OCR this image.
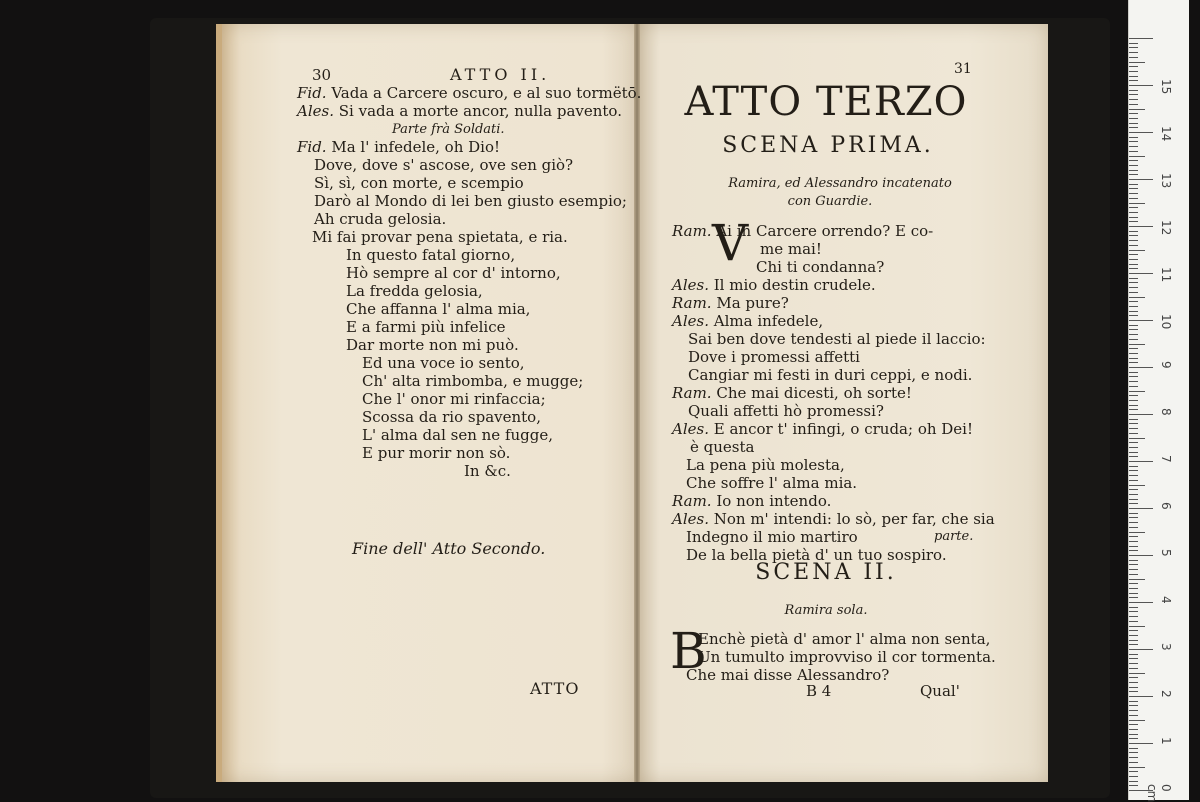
30	ATTO II.
Fid. Vada a Carcere oscuro, e al suo tormëtō.
Ales. Si vada a morte ancor, nulla pavento.
Parte frà Soldati.
Fid. Ma l' infedele, oh Dio!
Dove, dove s' ascose, ove sen giò?
Sì, sì, con morte, e scempio
Darò al Mondo di lei ben giusto esempio;
Ah cruda gelosia.
Mi fai provar pena spietata, e ria.
In questo fatal giorno,
Hò sempre al cor d' intorno,
La fredda gelosia,
Che affanna l' alma mia,
E a farmi più infelice
Dar morte non mi può.
Ed una voce io sento,
Ch' alta rimbomba, e mugge;
Che l' onor mi rinfaccia;
Scossa da rio spavento,
L' alma dal sen ne fugge,
E pur morir non sò.
In &c.
Fine dell' Atto Secondo.
ATTO
31
ATTO TERZO
SCENA PRIMA.
Ramira, ed Alessandro incatenato
con Guardie.
V
Ram. Ai in Carcere orrendo? E co-
me mai!
Chi ti condanna?
Ales. Il mio destin crudele.
Ram. Ma pure?
Ales. Alma infedele,
Sai ben dove tendesti al piede il laccio:
Dove i promessi affetti
Cangiar mi festi in duri ceppi, e nodi.
Ram. Che mai dicesti, oh sorte!
Quali affetti hò promessi?
Ales. E ancor t' infingi, o cruda; oh Dei!
è questa
La pena più molesta,
Che soffre l' alma mia.
Ram. Io non intendo.
Ales. Non m' intendi: lo sò, per far, che sia
Indegno il mio martiro
De la bella pietà d' un tuo sospiro.
parte.
SCENA II.
Ramira sola.
B
Enchè pietà d' amor l' alma non senta,
Un tumulto improvviso il cor tormenta.
Che mai disse Alessandro?
B 4	Qual'
0 cm
1
2
3
4
5
6
7
8
9
10
11
12
13
14
15
